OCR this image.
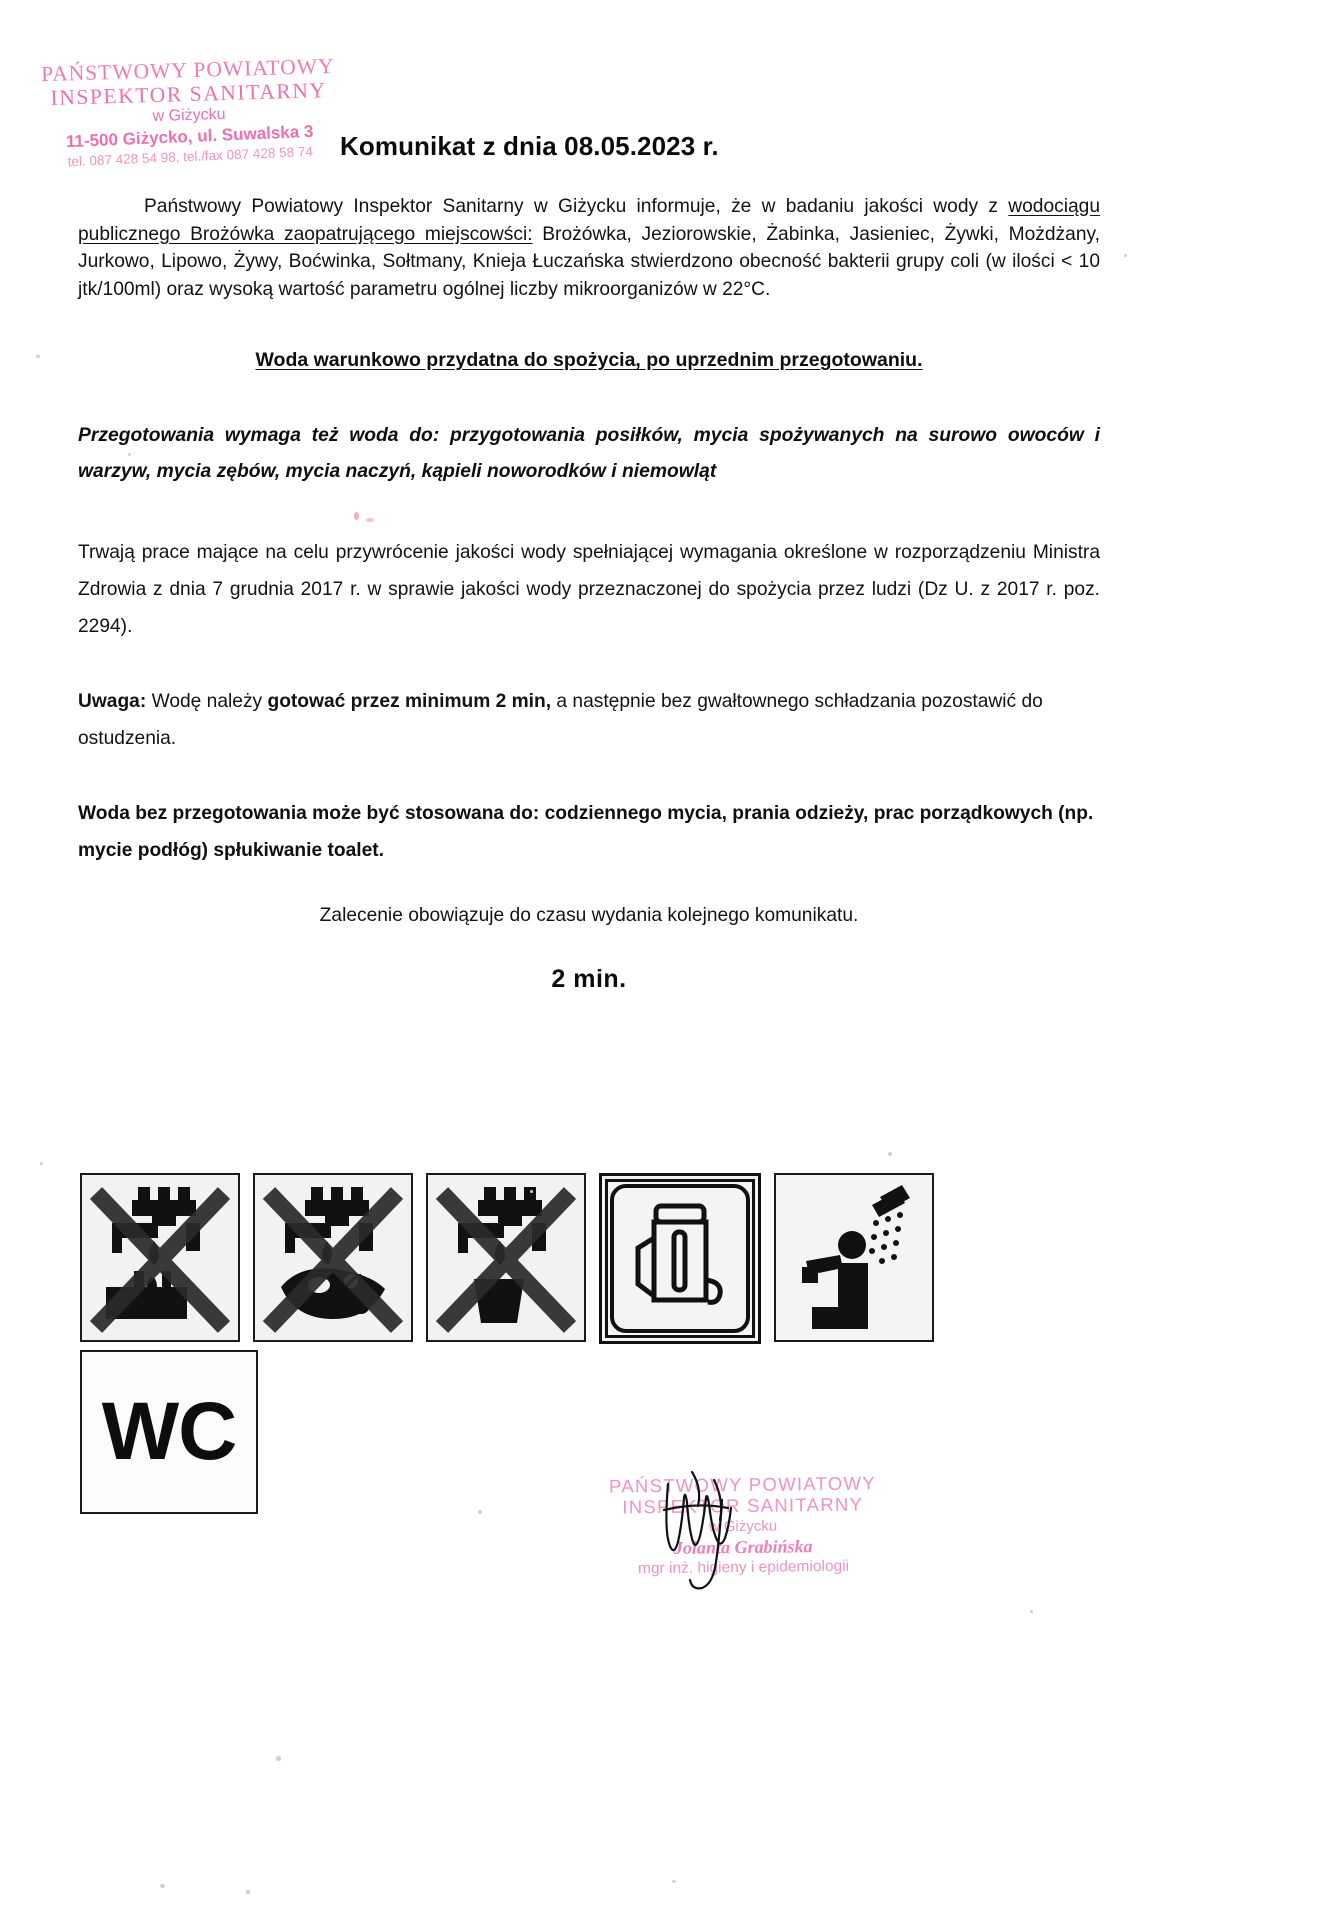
PAŃSTWOWY POWIATOWY
INSPEKTOR SANITARNY
w Giżycku
11-500 Giżycko, ul. Suwalska 3
tel. 087 428 54 98, tel./fax 087 428 58 74	Komunikat z dnia 08.05.2023 r.

Państwowy Powiatowy Inspektor Sanitarny w Giżycku informuje, że w badaniu jakości wody z wodociągu publicznego Brożówka zaopatrującego miejscowści: Brożówka, Jeziorowskie, Żabinka, Jasieniec, Żywki, Możdżany, Jurkowo, Lipowo, Żywy, Boćwinka, Sołtmany, Knieja Łuczańska stwierdzono obecność bakterii grupy coli (w ilości < 10 jtk/100ml) oraz wysoką wartość parametru ogólnej liczby mikroorganizów w 22°C.

Woda warunkowo przydatna do spożycia, po uprzednim przegotowaniu.

Przegotowania wymaga też woda do: przygotowania posiłków, mycia spożywanych na surowo owoców i warzyw, mycia zębów, mycia naczyń, kąpieli noworodków i niemowląt

Trwają prace mające na celu przywrócenie jakości wody spełniającej wymagania określone w rozporządzeniu Ministra Zdrowia z dnia 7 grudnia 2017 r. w sprawie jakości wody przeznaczonej do spożycia przez ludzi (Dz U. z 2017 r. poz. 2294).

Uwaga: Wodę należy gotować przez minimum 2 min, a następnie bez gwałtownego schładzania pozostawić do ostudzenia.

Woda bez przegotowania może być stosowana do: codziennego mycia, prania odzieży, prac porządkowych (np. mycie podłóg) spłukiwanie toalet.

Zalecenie obowiązuje do czasu wydania kolejnego komunikatu.

2 min.

WC
PAŃSTWOWY POWIATOWY
INSPEKTOR SANITARNY
w Giżycku
Jolanta Grabińska
mgr inż. higieny i epidemiologii
